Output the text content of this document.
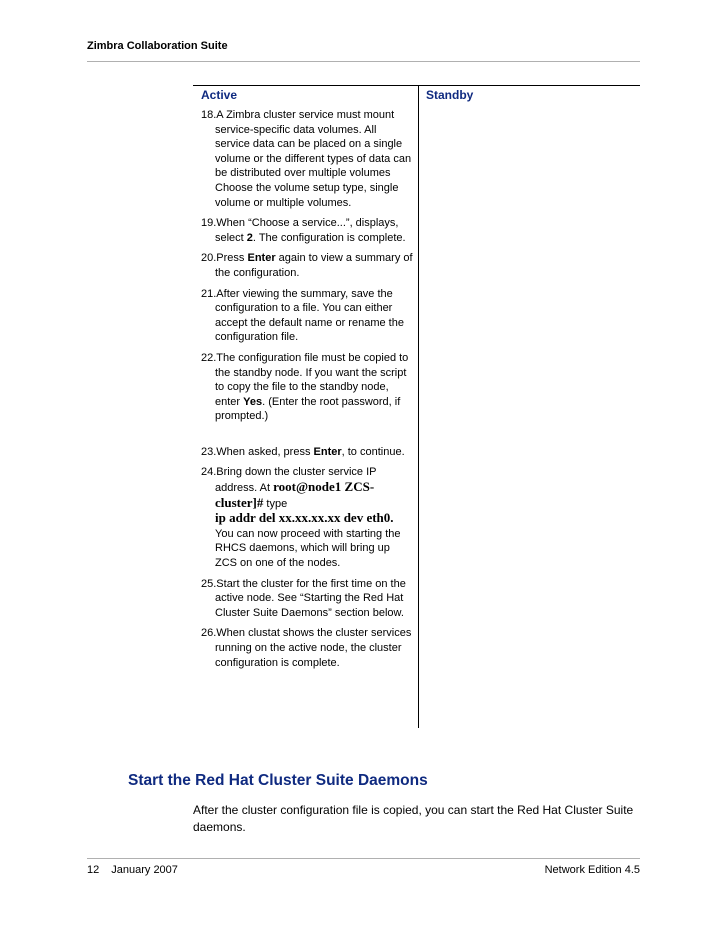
Zimbra Collaboration Suite
Active	Standby
18.A Zimbra cluster service must mount service-specific data volumes. All service data can be placed on a single volume or the different types of data can be distributed over multiple volumes Choose the volume setup type, single volume or multiple volumes.
19.When “Choose a service...”, displays, select 2. The configuration is complete.
20.Press Enter again to view a summary of the configuration.
21.After viewing the summary, save the configuration to a file. You can either accept the default name or rename the configuration file.
22.The configuration file must be copied to the standby node. If you want the script to copy the file to the standby node, enter Yes. (Enter the root password, if prompted.)
23.When asked, press Enter, to continue.
24.Bring down the cluster service IP address. At root@node1 ZCS-cluster]# type
ip addr del xx.xx.xx.xx dev eth0.
You can now proceed with starting the RHCS daemons, which will bring up ZCS on one of the nodes.
25.Start the cluster for the first time on the active node. See “Starting the Red Hat Cluster Suite Daemons” section below.
26.When clustat shows the cluster services running on the active node, the cluster configuration is complete.
Start the Red Hat Cluster Suite Daemons

After the cluster configuration file is copied, you can start the Red Hat Cluster Suite daemons.

12 January 2007	Network Edition 4.5
